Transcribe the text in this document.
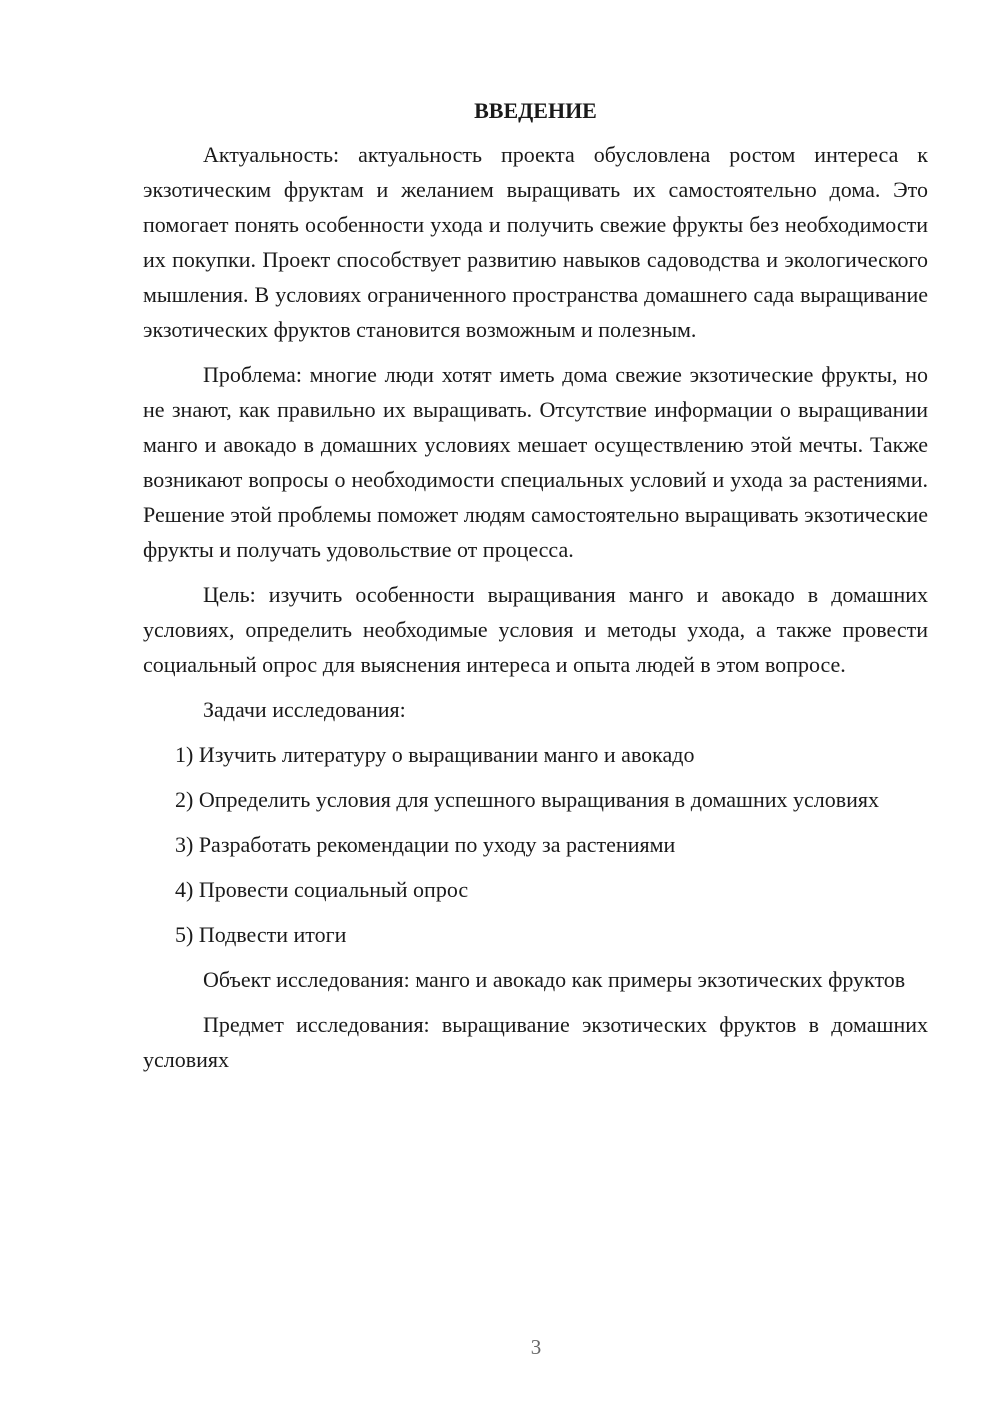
ВВЕДЕНИЕ

Актуальность: актуальность проекта обусловлена ростом интереса к экзотическим фруктам и желанием выращивать их самостоятельно дома. Это помогает понять особенности ухода и получить свежие фрукты без необходимости их покупки. Проект способствует развитию навыков садоводства и экологического мышления. В условиях ограниченного пространства домашнего сада выращивание экзотических фруктов становится возможным и полезным.

Проблема: многие люди хотят иметь дома свежие экзотические фрукты, но не знают, как правильно их выращивать. Отсутствие информации о выращивании манго и авокадо в домашних условиях мешает осуществлению этой мечты. Также возникают вопросы о необходимости специальных условий и ухода за растениями. Решение этой проблемы поможет людям самостоятельно выращивать экзотические фрукты и получать удовольствие от процесса.

Цель: изучить особенности выращивания манго и авокадо в домашних условиях, определить необходимые условия и методы ухода, а также провести социальный опрос для выяснения интереса и опыта людей в этом вопросе.

Задачи исследования:

1) Изучить литературу о выращивании манго и авокадо

2) Определить условия для успешного выращивания в домашних условиях

3) Разработать рекомендации по уходу за растениями

4) Провести социальный опрос

5) Подвести итоги

Объект исследования: манго и авокадо как примеры экзотических фруктов

Предмет исследования: выращивание экзотических фруктов в домашних условиях

3
